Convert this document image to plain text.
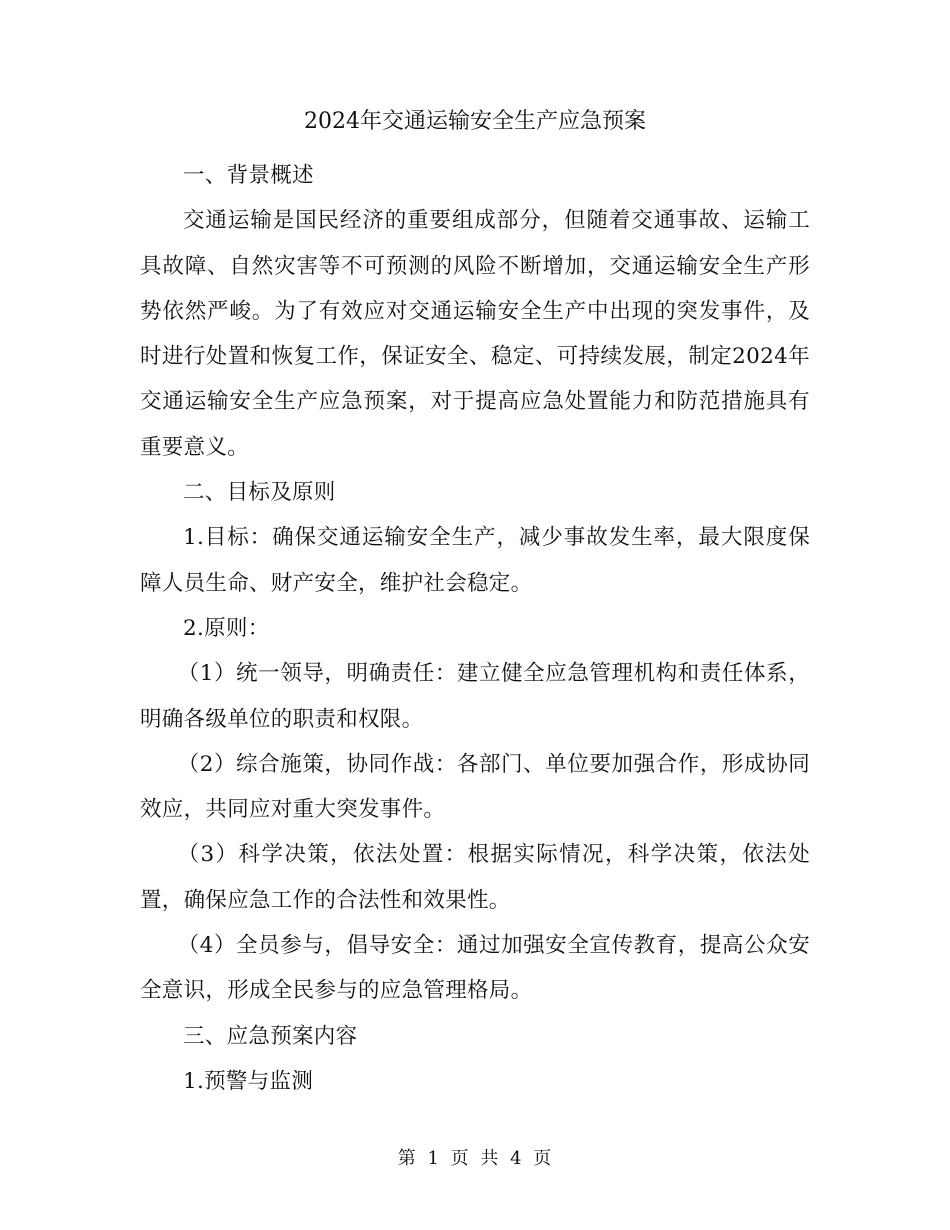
2024年交通运输安全生产应急预案

一、背景概述

交通运输是国民经济的重要组成部分，但随着交通事故、运输工具故障、自然灾害等不可预测的风险不断增加，交通运输安全生产形势依然严峻。为了有效应对交通运输安全生产中出现的突发事件，及时进行处置和恢复工作，保证安全、稳定、可持续发展，制定2024年交通运输安全生产应急预案，对于提高应急处置能力和防范措施具有重要意义。

二、目标及原则

1.目标：确保交通运输安全生产，减少事故发生率，最大限度保障人员生命、财产安全，维护社会稳定。

2.原则：

（1）统一领导，明确责任：建立健全应急管理机构和责任体系，明确各级单位的职责和权限。

（2）综合施策，协同作战：各部门、单位要加强合作，形成协同效应，共同应对重大突发事件。

（3）科学决策，依法处置：根据实际情况，科学决策，依法处置，确保应急工作的合法性和效果性。

（4）全员参与，倡导安全：通过加强安全宣传教育，提高公众安全意识，形成全民参与的应急管理格局。

三、应急预案内容

1.预警与监测

第 1 页 共 4 页
